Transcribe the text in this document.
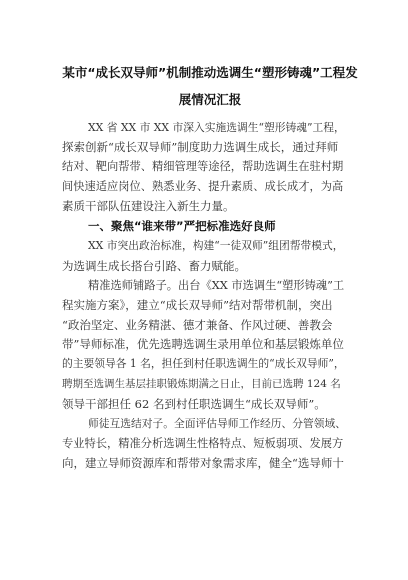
某市“成长双导师”机制推动选调生“塑形铸魂”工程发
展情况汇报
XX 省 XX 市 XX 市深入实施选调生“塑形铸魂”工程，
探索创新“成长双导师”制度助力选调生成长，通过拜师
结对、靶向帮带、精细管理等途径，帮助选调生在驻村期
间快速适应岗位、熟悉业务、提升素质、成长成才，为高
素质干部队伍建设注入新生力量。
一、聚焦“谁来带”严把标准选好良师
XX 市突出政治标准，构建“一徒双师”组团帮带模式，
为选调生成长搭台引路、畜力赋能。
精准选师铺路子。出台《XX 市选调生“塑形铸魂”工
程实施方案》，建立“成长双导师”结对帮带机制，突出
“政治坚定、业务精湛、德才兼备、作风过硬、善教会
带”导师标准，优先选聘选调生录用单位和基层锻炼单位
的主要领导各 1 名，担任到村任职选调生的“成长双导师”，
聘期至选调生基层挂职锻炼期满之日止，目前已选聘 124 名
领导干部担任 62 名到村任职选调生“成长双导师”。
师徒互选结对子。全面评估导师工作经历、分管领域、
专业特长，精准分析选调生性格特点、短板弱项、发展方
向，建立导师资源库和帮带对象需求库，健全“选导师十
